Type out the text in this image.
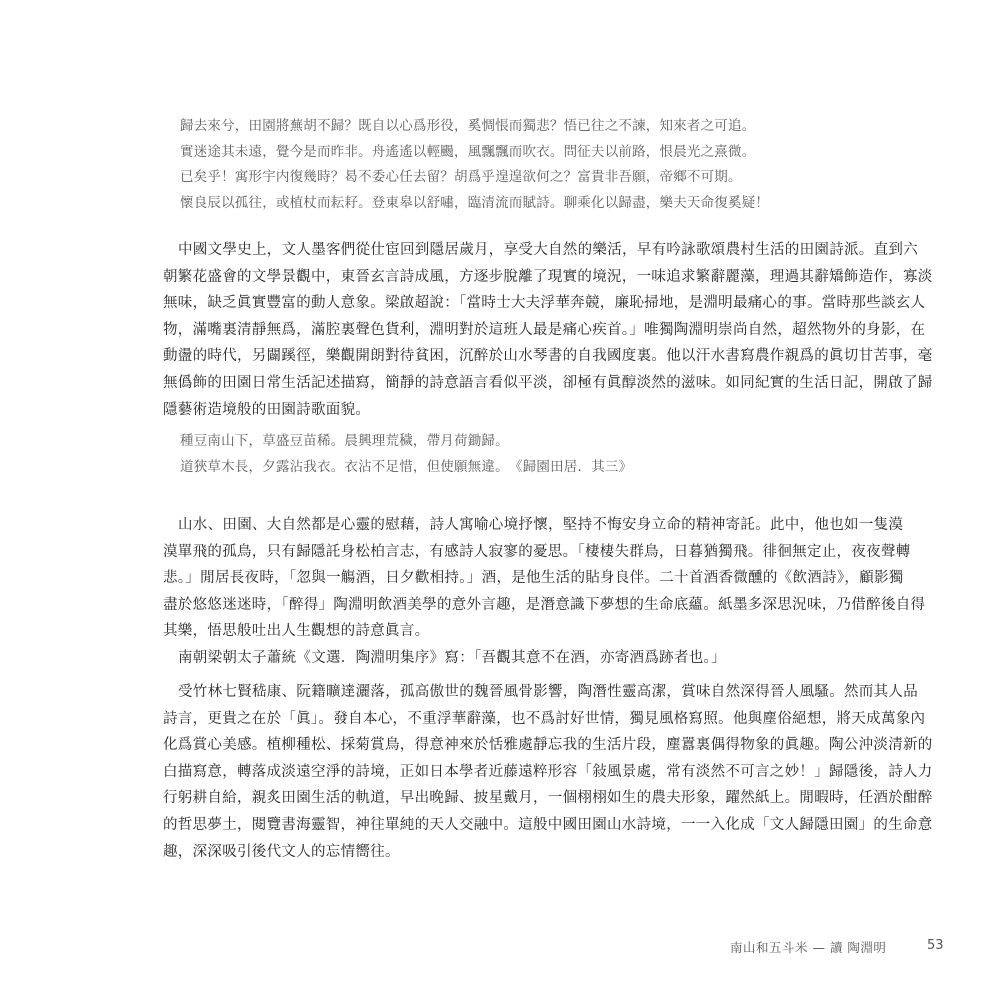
歸去來兮，田園將蕪胡不歸？既自以心爲形役，奚惆悵而獨悲？悟已往之不諫，知來者之可追。
實迷途其未遠，覺今是而昨非。舟遙遙以輕颺，風飄飄而吹衣。問征夫以前路，恨晨光之熹微。
已矣乎！寓形宇内復幾時？曷不委心任去留？胡爲乎遑遑欲何之？富貴非吾願，帝鄉不可期。
懷良辰以孤往，或植杖而耘耔。登東皋以舒嘯，臨清流而賦詩。聊乘化以歸盡，樂夫天命復奚疑！
中國文學史上，文人墨客們從仕宦回到隱居歲月，享受大自然的樂活，早有吟詠歌頌農村生活的田園詩派。直到六
朝繁花盛會的文學景觀中，東晉玄言詩成風，方逐步脫離了現實的境況，一味追求繁辭麗藻，理過其辭矯飾造作，寡淡
無味，缺乏眞實豐富的動人意象。梁啟超說：「當時士大夫浮華奔競，廉恥掃地，是淵明最痛心的事。當時那些談玄人
物，滿嘴裏清靜無爲，滿腔裏聲色貨利，淵明對於這班人最是痛心疾首。」唯獨陶淵明崇尚自然，超然物外的身影，在
動盪的時代，另闢蹊徑，樂觀開朗對待貧困，沉醉於山水琴書的自我國度裏。他以汗水書寫農作親爲的眞切甘苦事，毫
無僞飾的田園日常生活記述描寫，簡靜的詩意語言看似平淡，卻極有眞醇淡然的滋味。如同紀實的生活日記，開啟了歸
隱藝術造境般的田園詩歌面貌。
種豆南山下，草盛豆苗稀。晨興理荒穢，帶月荷鋤歸。
道狹草木長，夕露沾我衣。衣沾不足惜，但使願無違。　《歸園田居．其三》
山水、田園、大自然都是心靈的慰藉，詩人寓喻心境抒懷，堅持不悔安身立命的精神寄託。此中，他也如一隻漠
漠單飛的孤鳥，只有歸隱託身松柏言志，有感詩人寂寥的憂思。「棲棲失群鳥，日暮猶獨飛。徘徊無定止，夜夜聲轉
悲。」閒居長夜時，「忽與一觴酒，日夕歡相持。」酒，是他生活的貼身良伴。二十首酒香微醺的《飲酒詩》，顧影獨
盡於悠悠迷迷時，「醉得」陶淵明飲酒美學的意外言趣，是潛意識下夢想的生命底蘊。紙墨多深思況味，乃借醉後自得
其樂，悟思般吐出人生觀想的詩意眞言。
南朝梁朝太子蕭統《文選．陶淵明集序》寫：「吾觀其意不在酒，亦寄酒爲跡者也。」
受竹林七賢嵇康、阮籍曠達灑落，孤高傲世的魏晉風骨影響，陶潛性靈高潔，賞味自然深得晉人風騷。然而其人品
詩言，更貴之在於「眞」。發自本心，不重浮華辭藻，也不爲討好世情，獨見風格寫照。他與塵俗絕想，將天成萬象內
化爲賞心美感。植柳種松、採菊賞鳥，得意神來於恬雅處靜忘我的生活片段，塵囂裏偶得物象的眞趣。陶公沖淡清新的
白描寫意，轉落成淡遠空淨的詩境，正如日本學者近藤遠粹形容「敍風景處，常有淡然不可言之妙！」歸隱後，詩人力
行躬耕自給，親炙田園生活的軌道，早出晚歸、披星戴月，一個栩栩如生的農夫形象，躍然紙上。閒暇時，任酒於酣醉
的哲思夢土，閱覽書海靈智，神往單純的天人交融中。這般中國田園山水詩境，一一入化成「文人歸隱田園」的生命意
趣，深深吸引後代文人的忘情嚮往。
南山和五斗米 — 讀 陶淵明	53
